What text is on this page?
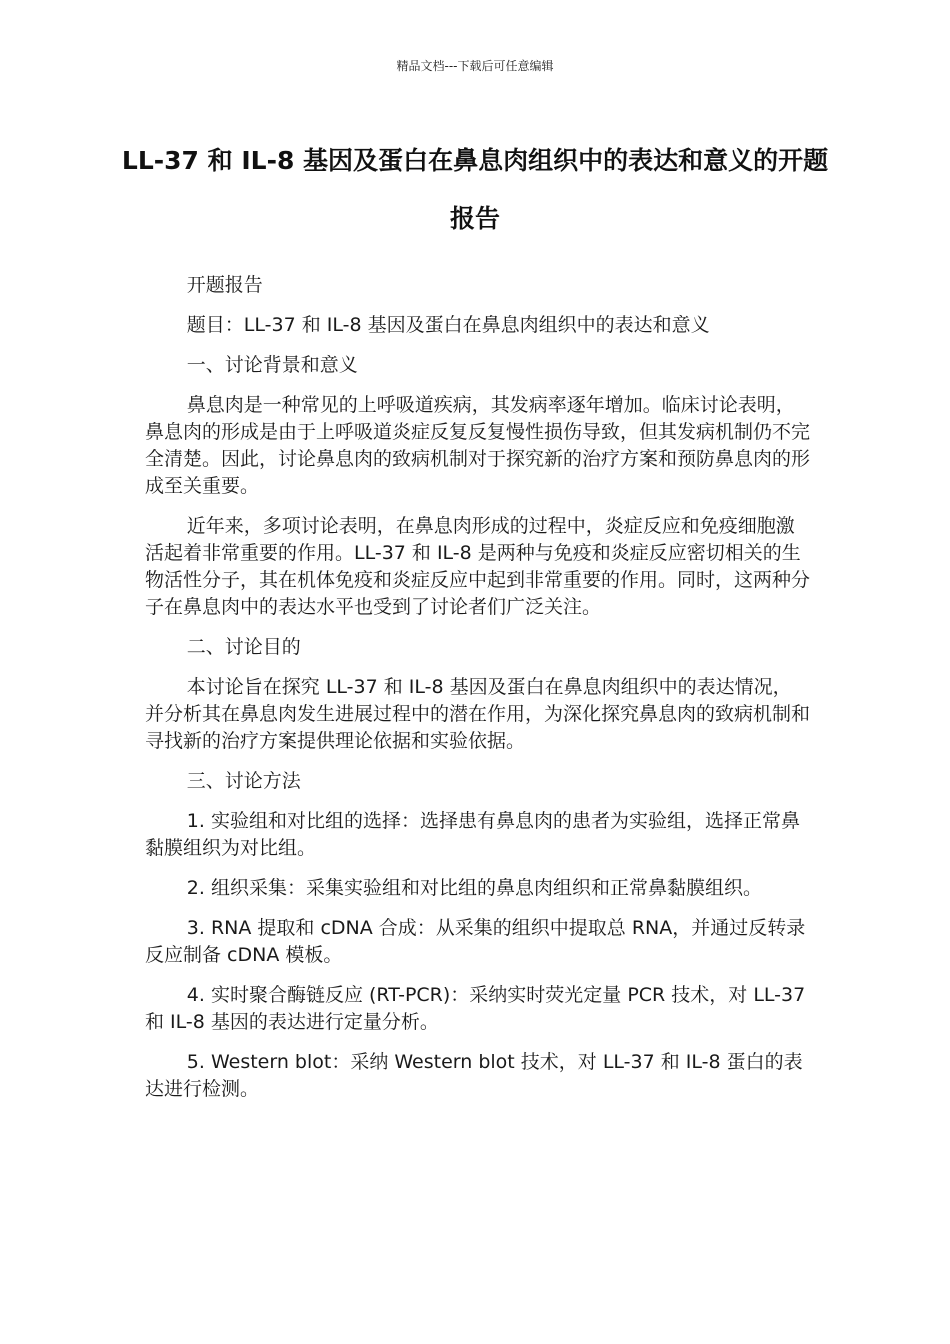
精品文档---下载后可任意编辑
LL-37 和 IL-8 基因及蛋白在鼻息肉组织中的表达和意义的开题报告

开题报告

题目：LL-37 和 IL-8 基因及蛋白在鼻息肉组织中的表达和意义

一、讨论背景和意义

鼻息肉是一种常见的上呼吸道疾病，其发病率逐年增加。临床讨论表明，鼻息肉的形成是由于上呼吸道炎症反复反复慢性损伤导致，但其发病机制仍不完全清楚。因此，讨论鼻息肉的致病机制对于探究新的治疗方案和预防鼻息肉的形成至关重要。

近年来，多项讨论表明，在鼻息肉形成的过程中，炎症反应和免疫细胞激活起着非常重要的作用。LL-37 和 IL-8 是两种与免疫和炎症反应密切相关的生物活性分子，其在机体免疫和炎症反应中起到非常重要的作用。同时，这两种分子在鼻息肉中的表达水平也受到了讨论者们广泛关注。

二、讨论目的

本讨论旨在探究 LL-37 和 IL-8 基因及蛋白在鼻息肉组织中的表达情况，并分析其在鼻息肉发生进展过程中的潜在作用，为深化探究鼻息肉的致病机制和寻找新的治疗方案提供理论依据和实验依据。

三、讨论方法

1. 实验组和对比组的选择：选择患有鼻息肉的患者为实验组，选择正常鼻黏膜组织为对比组。

2. 组织采集：采集实验组和对比组的鼻息肉组织和正常鼻黏膜组织。

3. RNA 提取和 cDNA 合成：从采集的组织中提取总 RNA，并通过反转录反应制备 cDNA 模板。

4. 实时聚合酶链反应 (RT-PCR)：采纳实时荧光定量 PCR 技术，对 LL-37 和 IL-8 基因的表达进行定量分析。

5. Western blot：采纳 Western blot 技术，对 LL-37 和 IL-8 蛋白的表达进行检测。
